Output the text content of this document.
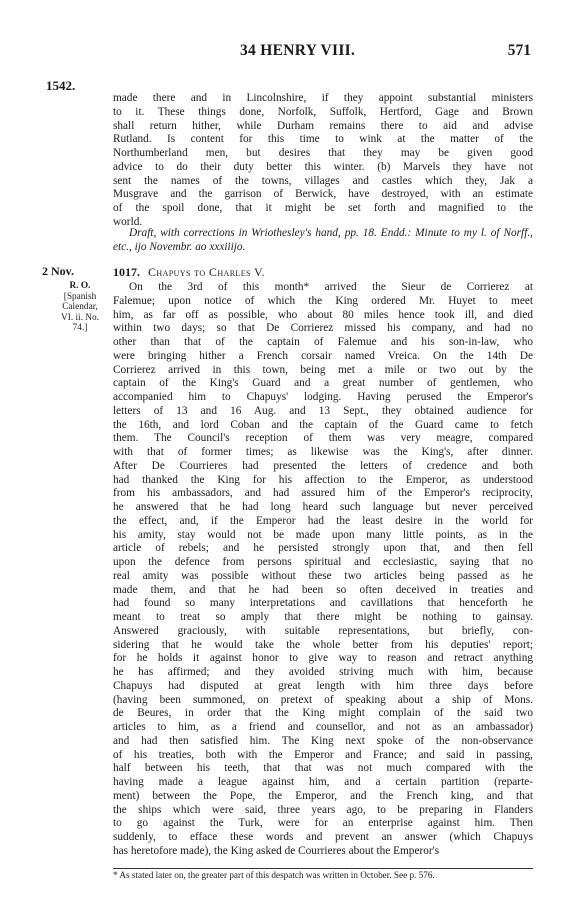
34 HENRY VIII.	571
1542.
made there and in Lincolnshire, if they appoint substantial ministers
to it. These things done, Norfolk, Suffolk, Hertford, Gage and Brown
shall return hither, while Durham remains there to aid and advise
Rutland. Is content for this time to wink at the matter of the
Northumberland men, but desires that they may be given good
advice to do their duty better this winter. (b) Marvels they have not
sent the names of the towns, villages and castles which they, Jak a
Musgrave and the garrison of Berwick, have destroyed, with an estimate
of the spoil done, that it might be set forth and magnified to the
world.

Draft, with corrections in Wriothesley's hand, pp. 18. Endd.: Minute to my l. of Norff., etc., ijo Novembr. ao xxxiiijo.

2 Nov.
R. O.
[Spanish
Calendar,
VI. ii. No.
74.]
1017. Chapuys to Charles V.
On the 3rd of this month* arrived the Sieur de Corrierez at
Falemue; upon notice of which the King ordered Mr. Huyet to meet
him, as far off as possible, who about 80 miles hence took ill, and died
within two days; so that De Corrierez missed his company, and had no
other than that of the captain of Falemue and his son-in-law, who
were bringing hither a French corsair named Vreica. On the 14th De
Corrierez arrived in this town, being met a mile or two out by the
captain of the King's Guard and a great number of gentlemen, who
accompanied him to Chapuys' lodging. Having perused the Emperor's
letters of 13 and 16 Aug. and 13 Sept., they obtained audience for
the 16th, and lord Coban and the captain of the Guard came to fetch
them. The Council's reception of them was very meagre, compared
with that of former times; as likewise was the King's, after dinner.
After De Courrieres had presented the letters of credence and both
had thanked the King for his affection to the Emperor, as understood
from his ambassadors, and had assured him of the Emperor's reciprocity,
he answered that he had long heard such language but never perceived
the effect, and, if the Emperor had the least desire in the world for
his amity, stay would not be made upon many little points, as in the
article of rebels; and he persisted strongly upon that, and then fell
upon the defence from persons spiritual and ecclesiastic, saying that no
real amity was possible without these two articles being passed as he
made them, and that he had been so often deceived in treaties and
had found so many interpretations and cavillations that henceforth he
meant to treat so amply that there might be nothing to gainsay.
Answered graciously, with suitable representations, but briefly, con-
sidering that he would take the whole better from his deputies' report;
for he holds it against honor to give way to reason and retract anything
he has affirmed; and they avoided striving much with him, because
Chapuys had disputed at great length with him three days before
(having been summoned, on pretext of speaking about a ship of Mons.
de Beures, in order that the King might complain of the said two
articles to him, as a friend and counsellor, and not as an ambassador)
and had then satisfied him. The King next spoke of the non-observance
of his treaties, both with the Emperor and France; and said in passing,
half between his teeth, that that was not much compared with the
having made a league against him, and a certain partition (reparte-
ment) between the Pope, the Emperor, and the French king, and that
the ships which were said, three years ago, to be preparing in Flanders
to go against the Turk, were for an enterprise against him. Then
suddenly, to efface these words and prevent an answer (which Chapuys
has heretofore made), the King asked de Courrieres about the Emperor's
* As stated later on, the greater part of this despatch was written in October. See p. 576.
